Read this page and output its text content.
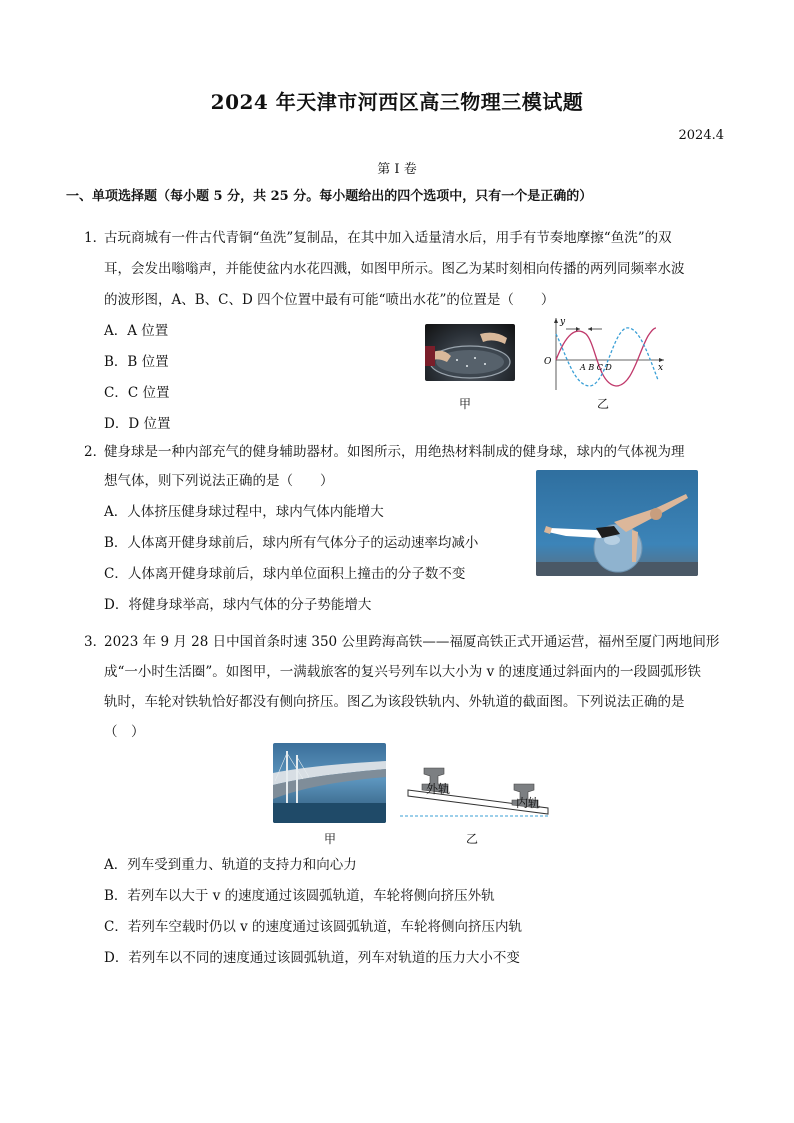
2024 年天津市河西区高三物理三模试题
2024.4
第 I 卷
一、单项选择题（每小题 5 分，共 25 分。每小题给出的四个选项中，只有一个是正确的）
1．
古玩商城有一件古代青铜“鱼洗”复制品，在其中加入适量清水后，用手有节奏地摩擦“鱼洗”的双
耳，会发出嗡嗡声，并能使盆内水花四溅，如图甲所示。图乙为某时刻相向传播的两列同频率水波
的波形图，A、B、C、D 四个位置中最有可能“喷出水花”的位置是（　　）
A．A 位置
B．B 位置
C．C 位置
D．D 位置
甲
y
x
O
A B C D
乙
2．
健身球是一种内部充气的健身辅助器材。如图所示，用绝热材料制成的健身球，球内的气体视为理
想气体，则下列说法正确的是（　　）
A．人体挤压健身球过程中，球内气体内能增大
B．人体离开健身球前后，球内所有气体分子的运动速率均减小
C．人体离开健身球前后，球内单位面积上撞击的分子数不变
D．将健身球举高，球内气体的分子势能增大
3．
2023 年 9 月 28 日中国首条时速 350 公里跨海高铁——福厦高铁正式开通运营，福州至厦门两地间形
成“一小时生活圈”。如图甲，一满载旅客的复兴号列车以大小为 v 的速度通过斜面内的一段圆弧形铁
轨时，车轮对铁轨恰好都没有侧向挤压。图乙为该段铁轨内、外轨道的截面图。下列说法正确的是
（　）
甲
外轨
内轨
乙
A．列车受到重力、轨道的支持力和向心力
B．若列车以大于 v 的速度通过该圆弧轨道，车轮将侧向挤压外轨
C．若列车空载时仍以 v 的速度通过该圆弧轨道，车轮将侧向挤压内轨
D．若列车以不同的速度通过该圆弧轨道，列车对轨道的压力大小不变
